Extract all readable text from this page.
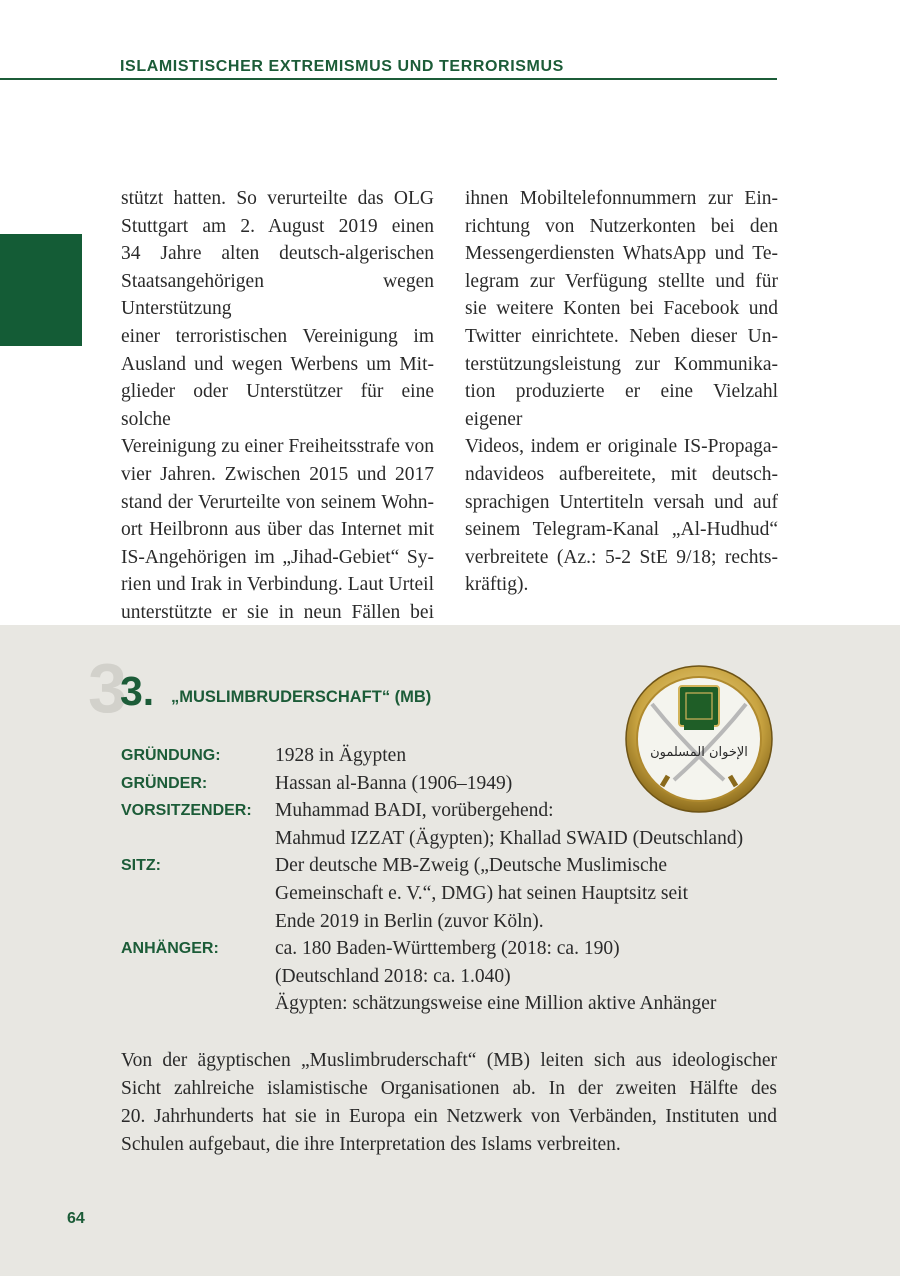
ISLAMISTISCHER EXTREMISMUS UND TERRORISMUS
stützt hatten. So verurteilte das OLG
Stuttgart am 2. August 2019 einen
34 Jahre alten deutsch-algerischen
Staatsangehörigen wegen Unterstützung
einer terroristischen Vereinigung im
Ausland und wegen Werbens um Mit-
glieder oder Unterstützer für eine solche
Vereinigung zu einer Freiheitsstrafe von
vier Jahren. Zwischen 2015 und 2017
stand der Verurteilte von seinem Wohn-
ort Heilbronn aus über das Internet mit
IS-Angehörigen im „Jihad-Gebiet“ Sy-
rien und Irak in Verbindung. Laut Urteil
unterstützte er sie in neun Fällen bei
ihnen Mobiltelefonnummern zur Ein-
richtung von Nutzerkonten bei den
Messengerdiensten WhatsApp und Te-
legram zur Verfügung stellte und für
sie weitere Konten bei Facebook und
Twitter einrichtete. Neben dieser Un-
terstützungsleistung zur Kommunika-
tion produzierte er eine Vielzahl eigener
Videos, indem er originale IS-Propaga-
ndavideos aufbereitete, mit deutsch-
sprachigen Untertiteln versah und auf
seinem Telegram-Kanal „Al-Hudhud“
verbreitete (Az.: 5-2 StE 9/18; rechts-
kräftig).
3
3. „MUSLIMBRUDERSCHAFT“ (MB)
الإخوان المسلمون
GRÜNDUNG:	1928 in Ägypten
GRÜNDER:	Hassan al-Banna (1906–1949)
VORSITZENDER:	Muhammad BADI, vorübergehend:
Mahmud IZZAT (Ägypten); Khallad SWAID (Deutschland)
SITZ:	Der deutsche MB-Zweig („Deutsche Muslimische
Gemeinschaft e. V.“, DMG) hat seinen Hauptsitz seit
Ende 2019 in Berlin (zuvor Köln).
ANHÄNGER:	ca. 180 Baden-Württemberg (2018: ca. 190)
(Deutschland 2018: ca. 1.040)
Ägypten: schätzungsweise eine Million aktive Anhänger
Von der ägyptischen „Muslimbruderschaft“ (MB) leiten sich aus ideologischer
Sicht zahlreiche islamistische Organisationen ab. In der zweiten Hälfte des
20. Jahrhunderts hat sie in Europa ein Netzwerk von Verbänden, Instituten und
Schulen aufgebaut, die ihre Interpretation des Islams verbreiten.
64
